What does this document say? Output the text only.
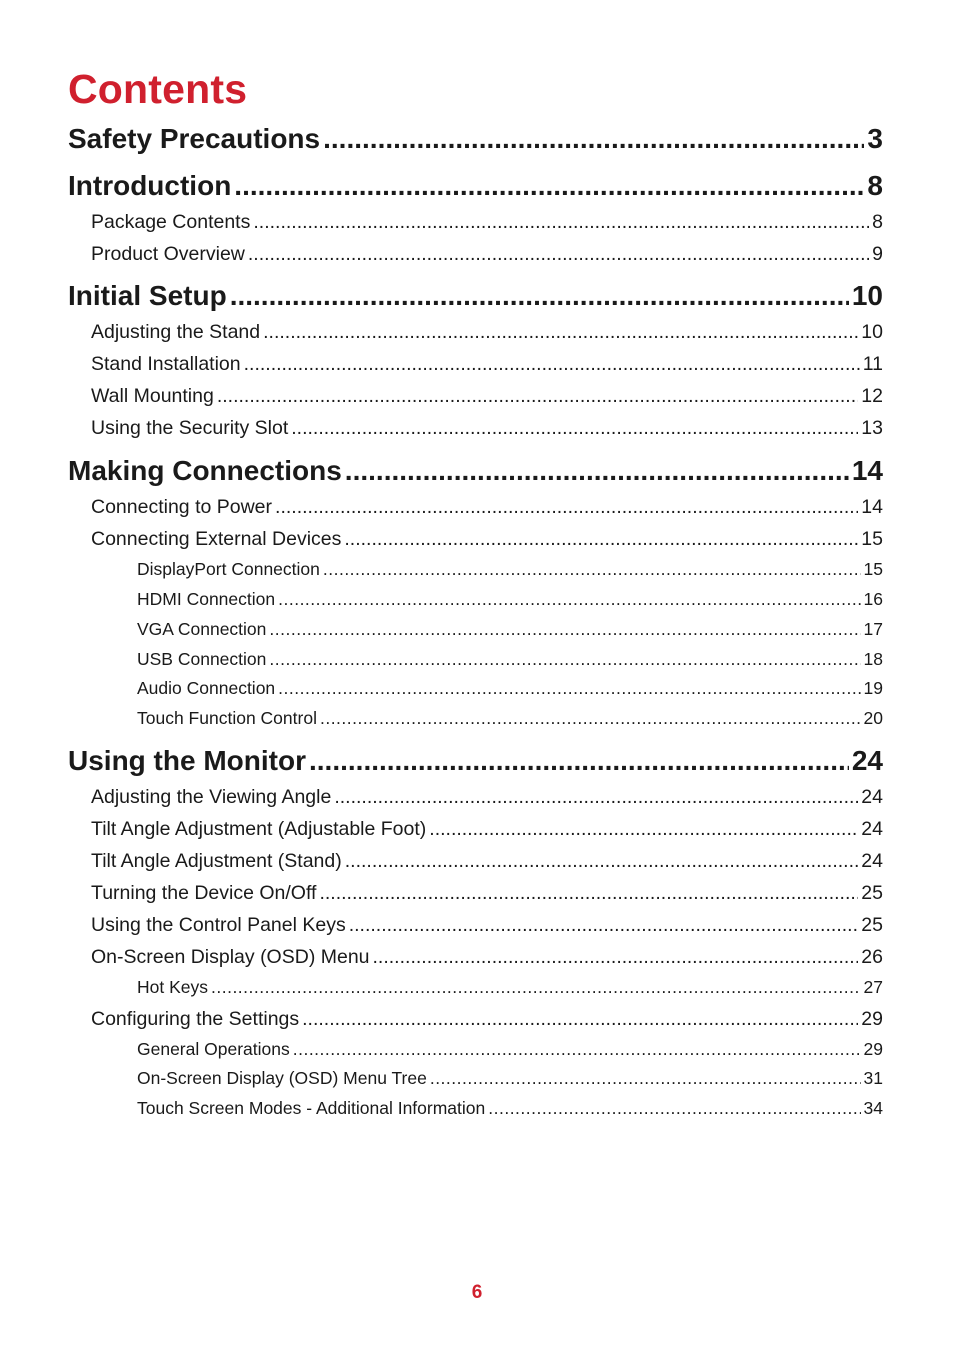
Contents
Safety Precautions .....	3
Introduction .....	8
Package Contents .....	8
Product Overview .....	9
Initial Setup .....	10
Adjusting the Stand .....	10
Stand Installation .....	11
Wall Mounting .....	12
Using the Security Slot .....	13
Making Connections .....	14
Connecting to Power .....	14
Connecting External Devices .....	15
DisplayPort Connection .....	15
HDMI Connection .....	16
VGA Connection .....	17
USB Connection .....	18
Audio Connection .....	19
Touch Function Control .....	20
Using the Monitor .....	24
Adjusting the Viewing Angle .....	24
Tilt Angle Adjustment (Adjustable Foot) .....	24
Tilt Angle Adjustment (Stand) .....	24
Turning the Device On/Off .....	25
Using the Control Panel Keys .....	25
On-Screen Display (OSD) Menu .....	26
Hot Keys .....	27
Configuring the Settings .....	29
General Operations .....	29
On-Screen Display (OSD) Menu Tree .....	31
Touch Screen Modes - Additional Information .....	34
6
